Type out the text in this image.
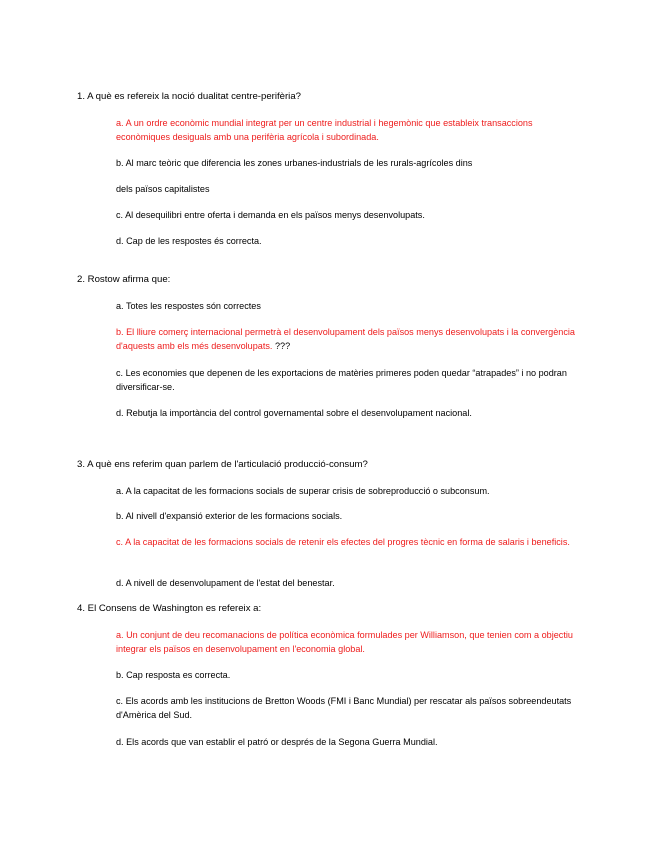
1. A què es refereix la noció dualitat centre-perifèria?
a. A un ordre econòmic mundial integrat per un centre industrial i hegemònic que estableix transaccions econòmiques desiguals amb una perifèria agrícola i subordinada.
b. Al marc teòric que diferencia les zones urbanes-industrials de les rurals-agrícoles dins
dels països capitalistes
c. Al desequilibri entre oferta i demanda en els països menys desenvolupats.
d. Cap de les respostes és correcta.
2. Rostow afirma que:
a. Totes les respostes són correctes
b. El lliure comerç internacional permetrà el desenvolupament dels països menys desenvolupats i la convergència d'aquests amb els més desenvolupats. ???
c. Les economies que depenen de les exportacions de matèries primeres poden quedar “atrapades” i no podran diversificar-se.
d. Rebutja la importància del control governamental sobre el desenvolupament nacional.
3. A què ens referim quan parlem de l'articulació producció-consum?
a. A la capacitat de les formacions socials de superar crisis de sobreproducció o subconsum.
b. Al nivell d'expansió exterior de les formacions socials.
c. A la capacitat de les formacions socials de retenir els efectes del progres tècnic en forma de salaris i beneficis.
d. A nivell de desenvolupament de l'estat del benestar.
4. El Consens de Washington es refereix a:
a. Un conjunt de deu recomanacions de política econòmica formulades per Williamson, que tenien com a objectiu integrar els països en desenvolupament en l'economia global.
b. Cap resposta es correcta.
c. Els acords amb les institucions de Bretton Woods (FMI i Banc Mundial) per rescatar als països sobreendeutats d'Amèrica del Sud.
d. Els acords que van establir el patró or després de la Segona Guerra Mundial.
